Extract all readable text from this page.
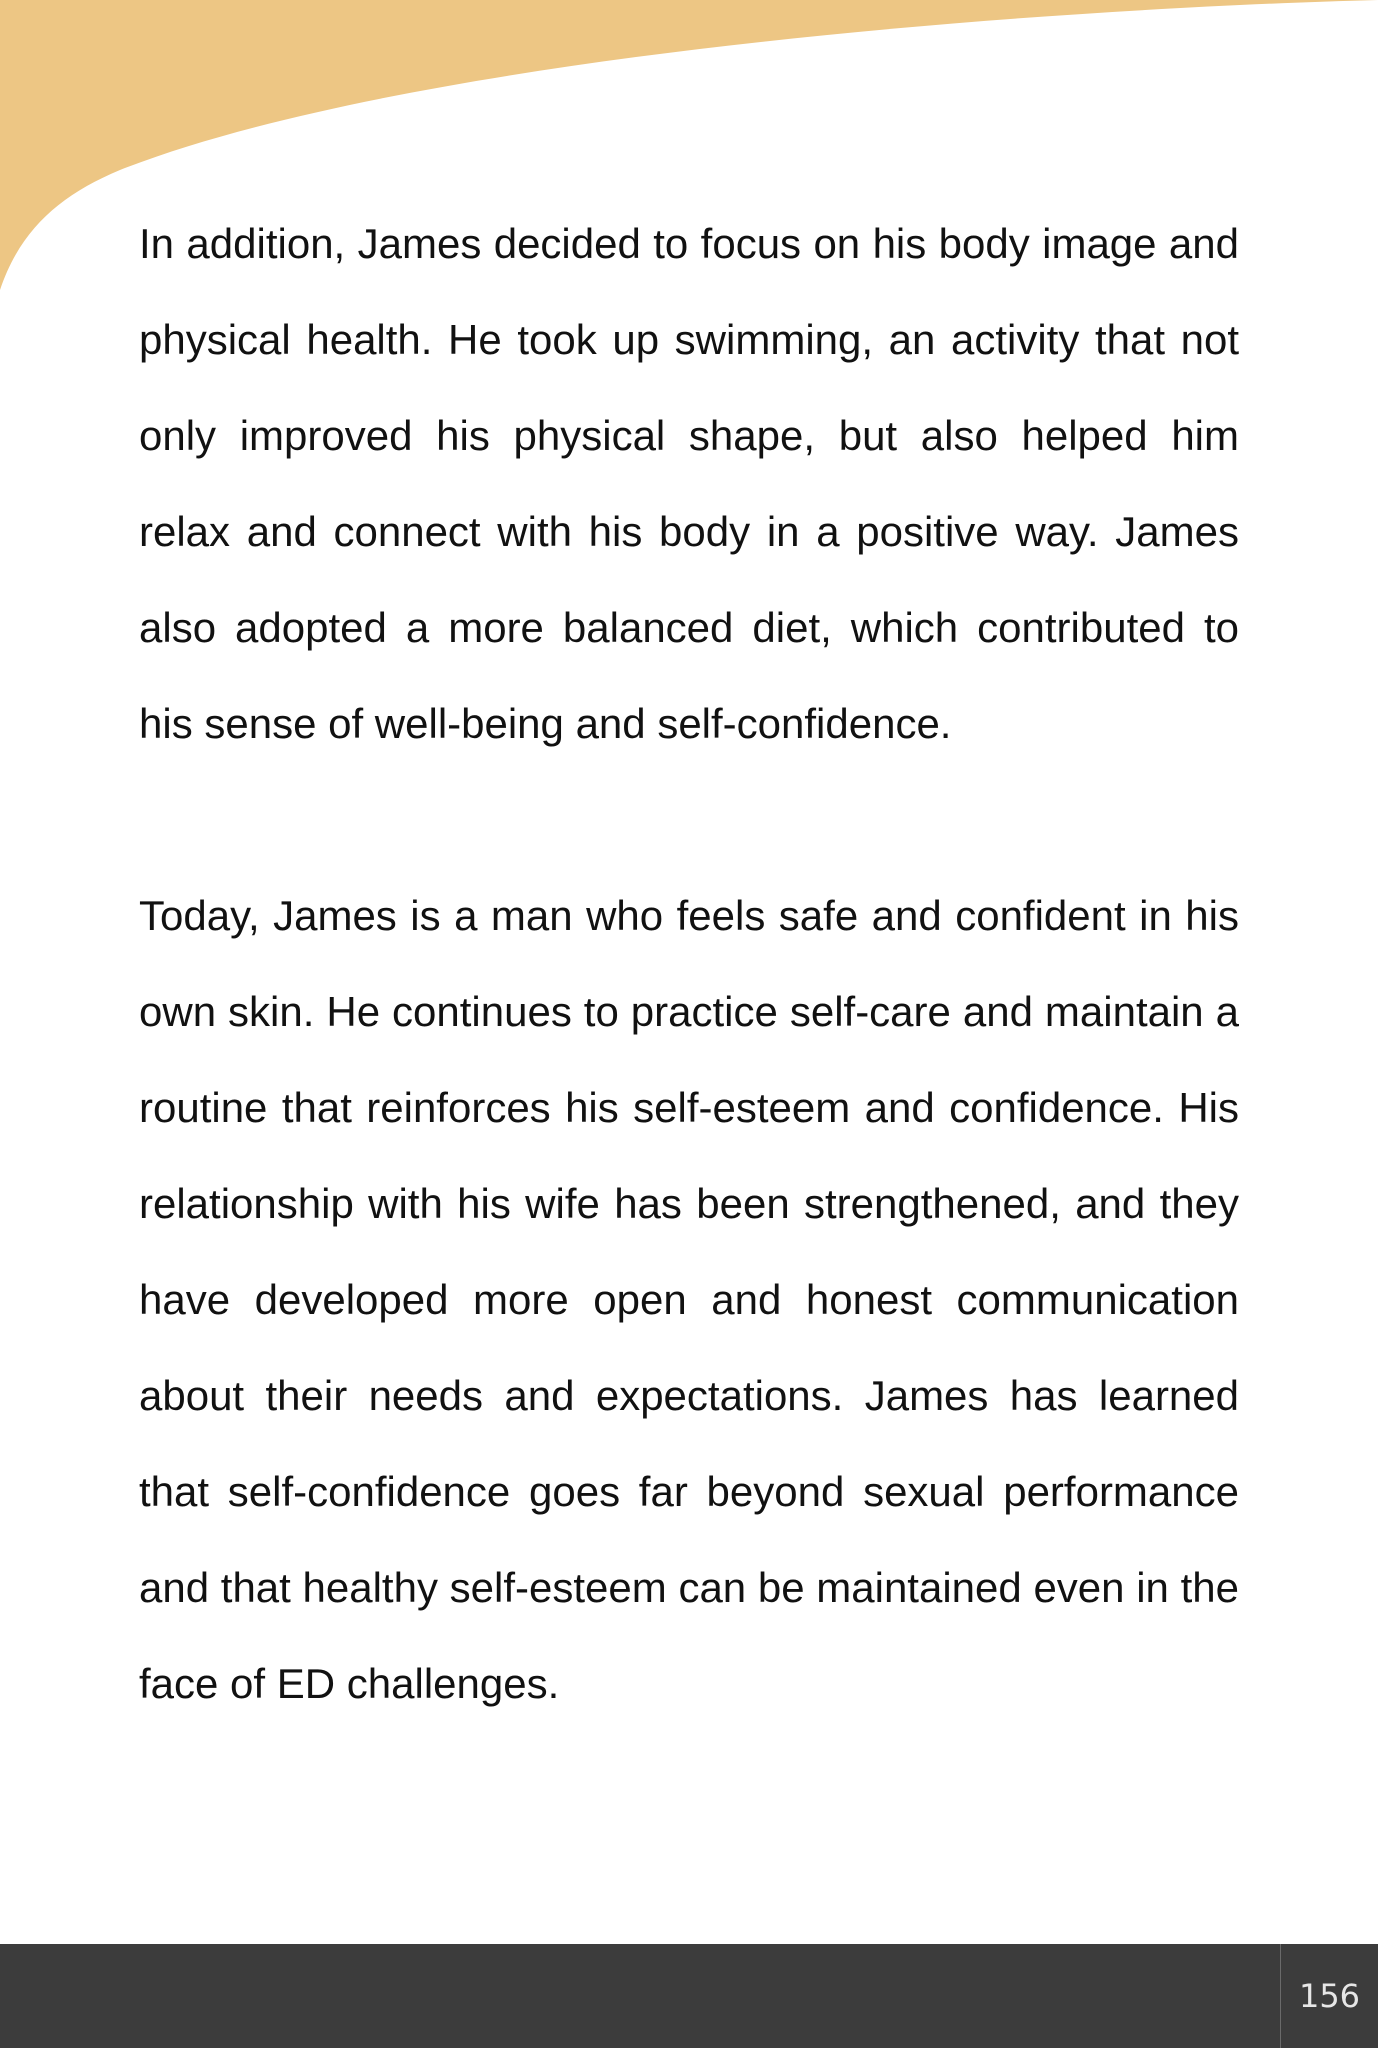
In addition, James decided to focus on his body image and physical health. He took up swimming, an activity that not only improved his physical shape, but also helped him relax and connect with his body in a positive way. James also adopted a more balanced diet, which contributed to his sense of well-being and self-confidence.

Today, James is a man who feels safe and confident in his own skin. He continues to practice self-care and maintain a routine that reinforces his self-esteem and confidence. His relationship with his wife has been strengthened, and they have developed more open and honest communication about their needs and expectations. James has learned that self-confidence goes far beyond sexual performance and that healthy self-esteem can be maintained even in the face of ED challenges.

156
